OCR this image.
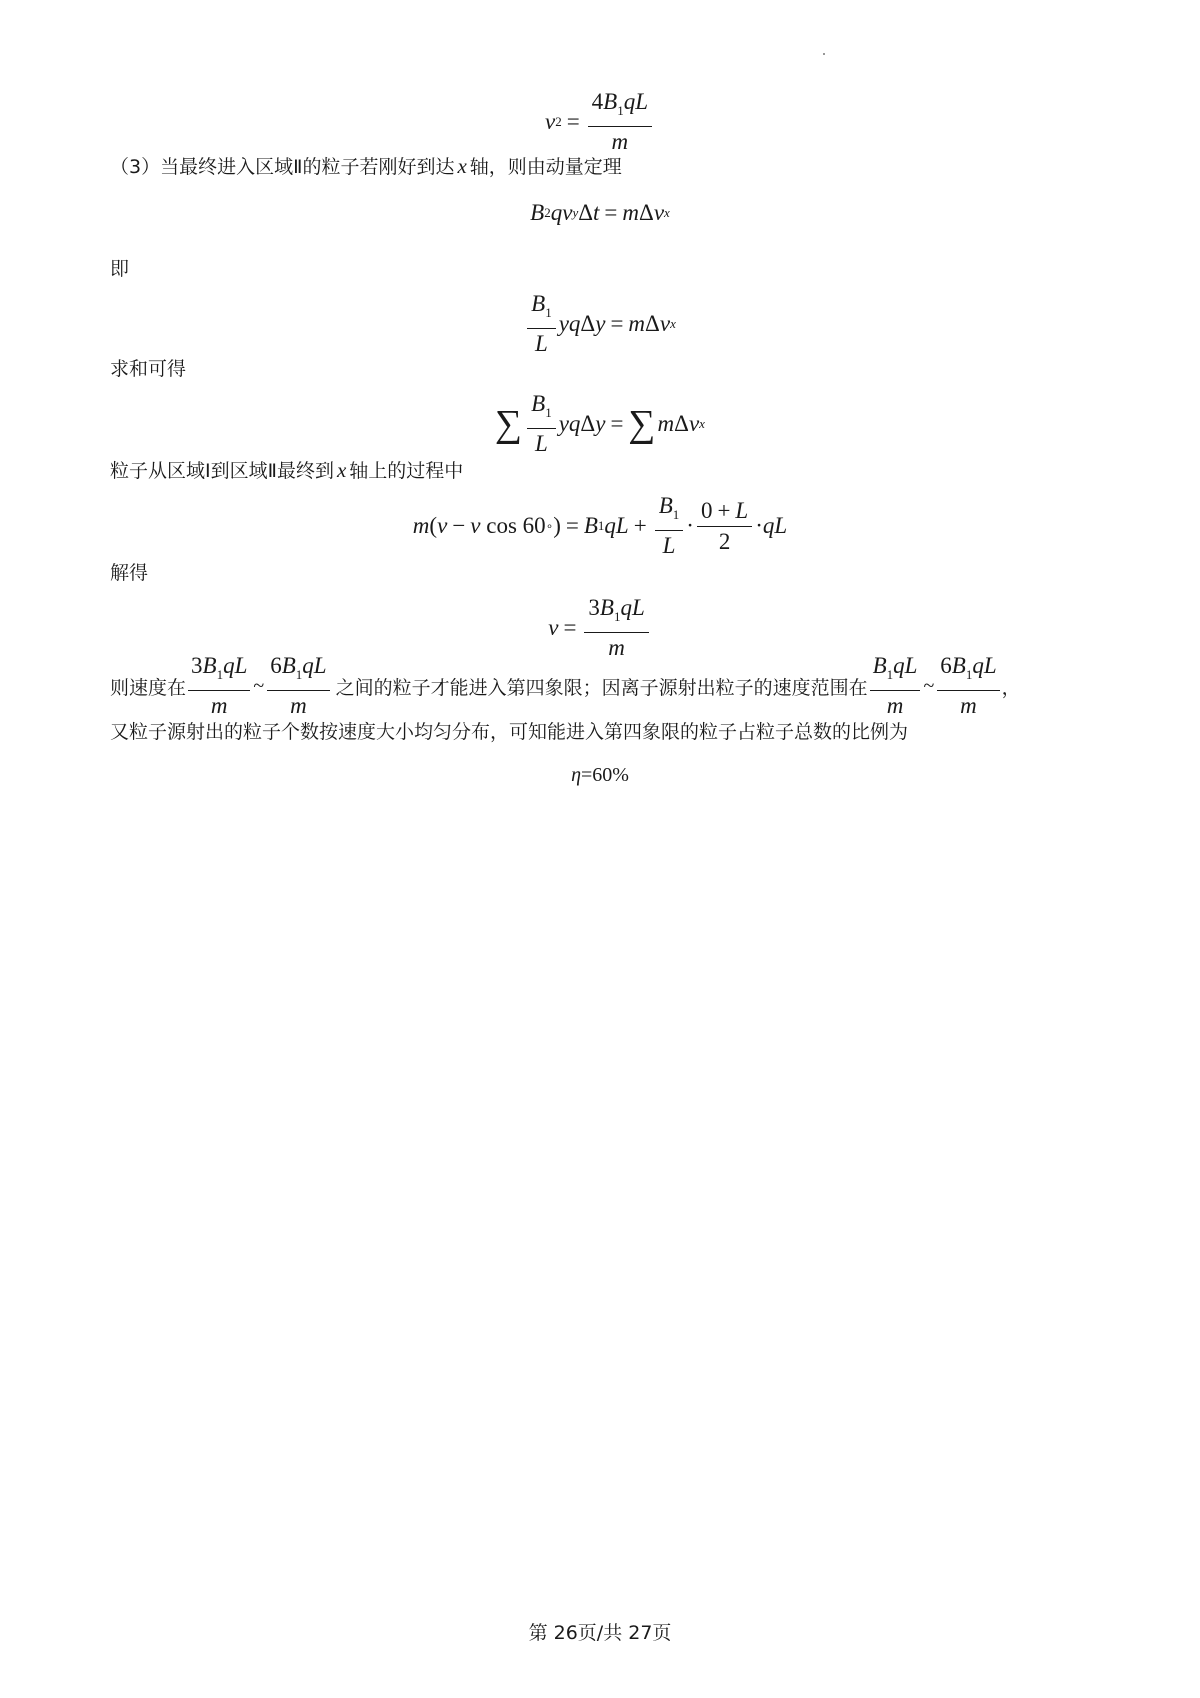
v $2 = \frac{4B_1qL}{m}$
（3）当最终进入区域Ⅱ的粒子若刚好到达 x 轴，则由动量定理
B 2 qv y Δ t = m Δ v x
即
$\frac{B_1}{L}$ yq Δ y = m Δ v x
求和可得
∑ $\frac{B_1}{L}$ yq Δ y = ∑ m Δ v x
粒子从区域Ⅰ到区域Ⅱ最终到 x 轴上的过程中
m ( v − v cos 60 ∘ ) = B 1 qL + $\frac{B_1}{L} \cdot \frac{0 + L}{2}$ · qL
解得
$v = \frac{3B_1qL}{m}$
则速度在 $\frac{3B_1qL}{m}$ ~ $\frac{6B_1qL}{m}$ 之间的粒子才能进入第四象限；因离子源射出粒子的速度范围在 $\frac{B_1qL}{m}$ ~ $\frac{6B_1qL}{m}$ ，
又粒子源射出的粒子个数按速度大小均匀分布，可知能进入第四象限的粒子占粒子总数的比例为
η =60%
第 26页/共 27页
